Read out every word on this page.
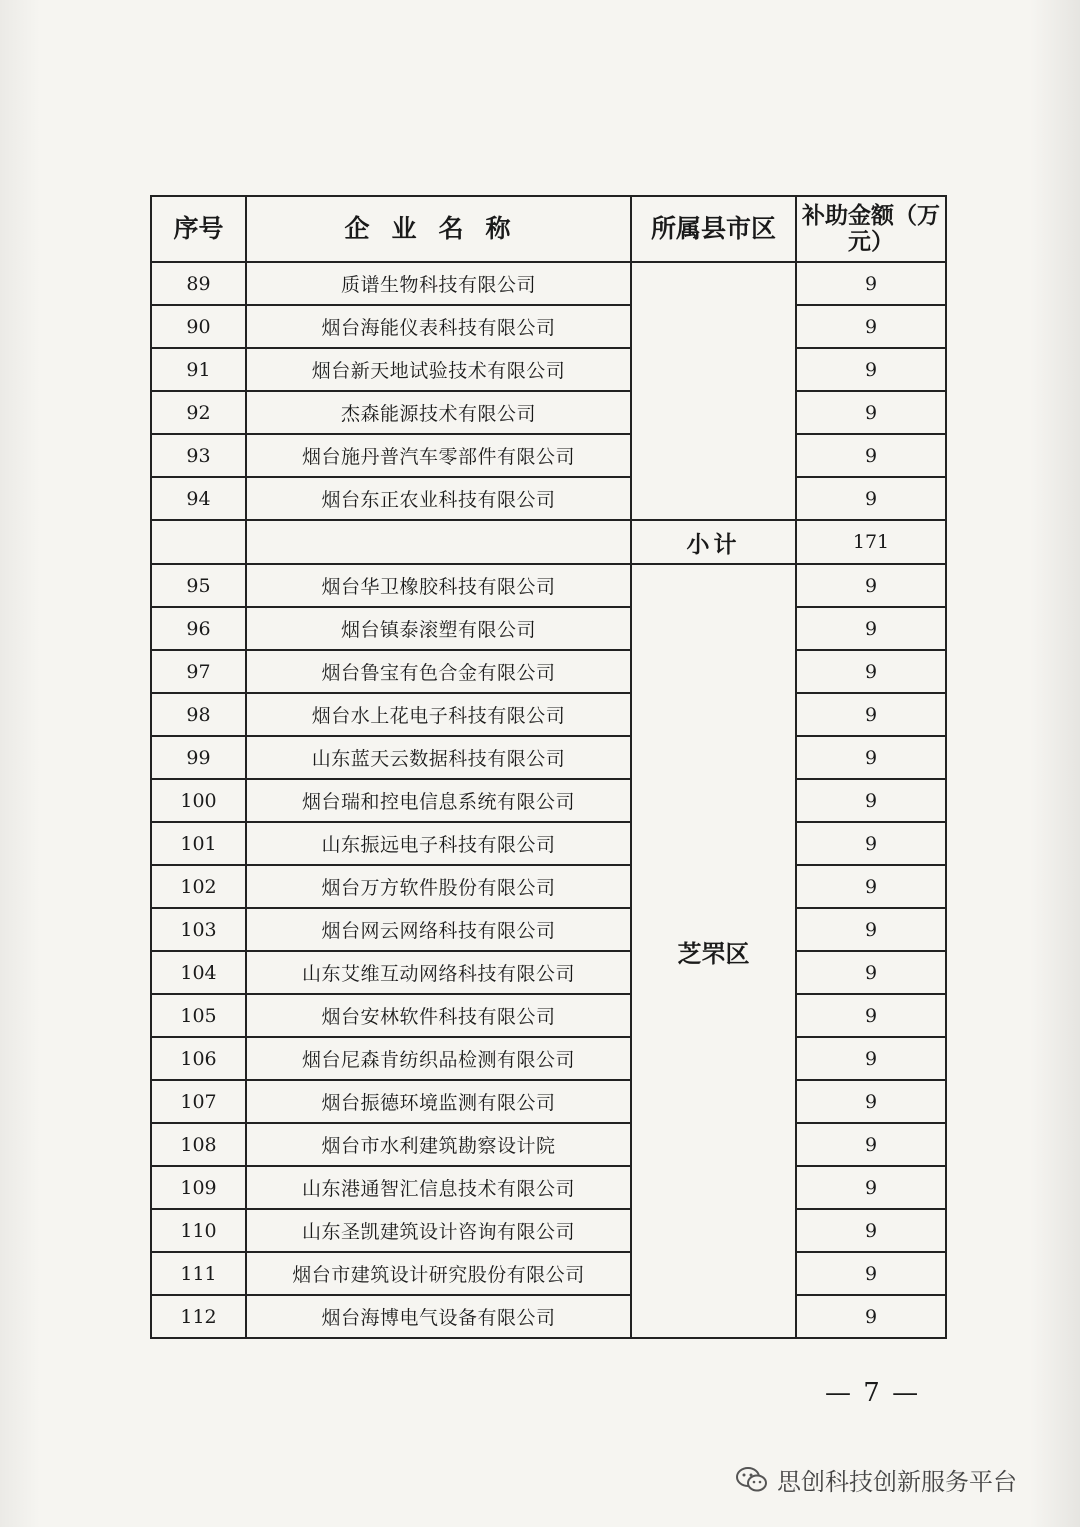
序号	企业名称	所属县市区	补助金额（万元）
89	质谱生物科技有限公司		9
90	烟台海能仪表科技有限公司		9
91	烟台新天地试验技术有限公司		9
92	杰森能源技术有限公司		9
93	烟台施丹普汽车零部件有限公司		9
94	烟台东正农业科技有限公司		9
		小计	171
95	烟台华卫橡胶科技有限公司	芝罘区	9
96	烟台镇泰滚塑有限公司		9
97	烟台鲁宝有色合金有限公司		9
98	烟台水上花电子科技有限公司		9
99	山东蓝天云数据科技有限公司		9
100	烟台瑞和控电信息系统有限公司		9
101	山东振远电子科技有限公司		9
102	烟台万方软件股份有限公司		9
103	烟台网云网络科技有限公司		9
104	山东艾维互动网络科技有限公司		9
105	烟台安林软件科技有限公司		9
106	烟台尼森肯纺织品检测有限公司		9
107	烟台振德环境监测有限公司		9
108	烟台市水利建筑勘察设计院		9
109	山东港通智汇信息技术有限公司		9
110	山东圣凯建筑设计咨询有限公司		9
111	烟台市建筑设计研究股份有限公司		9
112	烟台海博电气设备有限公司		9
— 7 —
思创科技创新服务平台
